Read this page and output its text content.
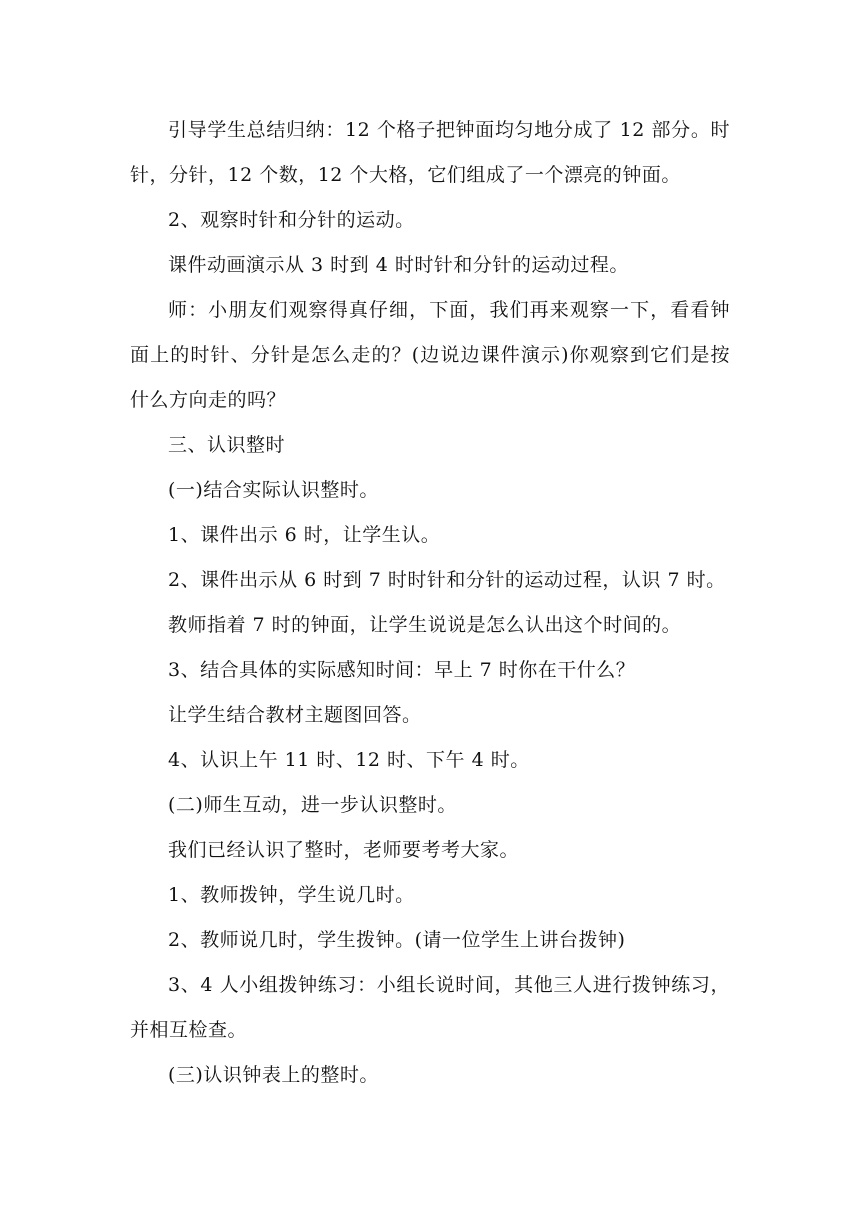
引导学生总结归纳：12 个格子把钟面均匀地分成了 12 部分。时针，分针，12 个数，12 个大格，它们组成了一个漂亮的钟面。

2、观察时针和分针的运动。

课件动画演示从 3 时到 4 时时针和分针的运动过程。

师：小朋友们观察得真仔细，下面，我们再来观察一下，看看钟面上的时针、分针是怎么走的？(边说边课件演示)你观察到它们是按什么方向走的吗？

三、认识整时

(一)结合实际认识整时。

1、课件出示 6 时，让学生认。

2、课件出示从 6 时到 7 时时针和分针的运动过程，认识 7 时。

教师指着 7 时的钟面，让学生说说是怎么认出这个时间的。

3、结合具体的实际感知时间：早上 7 时你在干什么？

让学生结合教材主题图回答。

4、认识上午 11 时、12 时、下午 4 时。

(二)师生互动，进一步认识整时。

我们已经认识了整时，老师要考考大家。

1、教师拨钟，学生说几时。

2、教师说几时，学生拨钟。(请一位学生上讲台拨钟)

3、4 人小组拨钟练习：小组长说时间，其他三人进行拨钟练习，并相互检查。

(三)认识钟表上的整时。
